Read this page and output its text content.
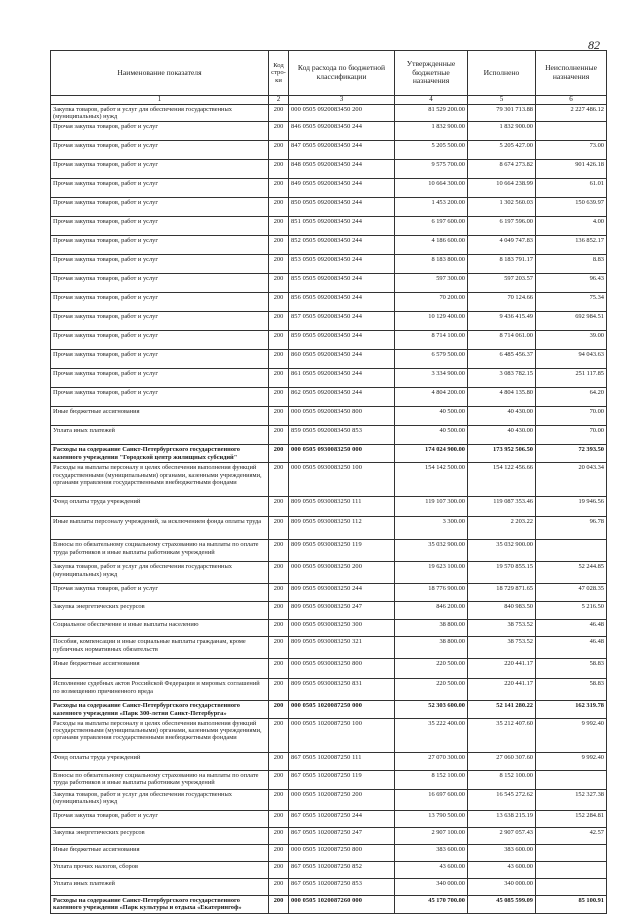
82
Наименование показателя	Код стро- ки	Код расхода по бюджетной классификации	Утвержденные бюджетные назначения	Исполнено	Неисполненные назначения
1	2	3	4	5	6
Закупка товаров, работ и услуг для обеспечения государственных (муниципальных) нужд	200	000 0505 0920083450 200	81 529 200.00	79 301 713.88	2 227 486.12
Прочая закупка товаров, работ и услуг	200	846 0505 0920083450 244	1 832 900.00	1 832 900.00	
Прочая закупка товаров, работ и услуг	200	847 0505 0920083450 244	5 205 500.00	5 205 427.00	73.00
Прочая закупка товаров, работ и услуг	200	848 0505 0920083450 244	9 575 700.00	8 674 273.82	901 426.18
Прочая закупка товаров, работ и услуг	200	849 0505 0920083450 244	10 664 300.00	10 664 238.99	61.01
Прочая закупка товаров, работ и услуг	200	850 0505 0920083450 244	1 453 200.00	1 302 560.03	150 639.97
Прочая закупка товаров, работ и услуг	200	851 0505 0920083450 244	6 197 600.00	6 197 596.00	4.00
Прочая закупка товаров, работ и услуг	200	852 0505 0920083450 244	4 186 600.00	4 049 747.83	136 852.17
Прочая закупка товаров, работ и услуг	200	853 0505 0920083450 244	8 183 800.00	8 183 791.17	8.83
Прочая закупка товаров, работ и услуг	200	855 0505 0920083450 244	597 300.00	597 203.57	96.43
Прочая закупка товаров, работ и услуг	200	856 0505 0920083450 244	70 200.00	70 124.66	75.34
Прочая закупка товаров, работ и услуг	200	857 0505 0920083450 244	10 129 400.00	9 436 415.49	692 984.51
Прочая закупка товаров, работ и услуг	200	859 0505 0920083450 244	8 714 100.00	8 714 061.00	39.00
Прочая закупка товаров, работ и услуг	200	860 0505 0920083450 244	6 579 500.00	6 485 456.37	94 043.63
Прочая закупка товаров, работ и услуг	200	861 0505 0920083450 244	3 334 900.00	3 083 782.15	251 117.85
Прочая закупка товаров, работ и услуг	200	862 0505 0920083450 244	4 804 200.00	4 804 135.80	64.20
Иные бюджетные ассигнования	200	000 0505 0920083450 800	40 500.00	40 430.00	70.00
Уплата иных платежей	200	859 0505 0920083450 853	40 500.00	40 430.00	70.00
Расходы на содержание Санкт-Петербургского государственного казенного учреждения "Городской центр жилищных субсидий"	200	000 0505 0930083250 000	174 024 900.00	173 952 506.50	72 393.50
Расходы на выплаты персоналу в целях обеспечения выполнения функций государственными (муниципальными) органами, казенными учреждениями, органами управления государственными внебюджетными фондами	200	000 0505 0930083250 100	154 142 500.00	154 122 456.66	20 043.34
Фонд оплаты труда учреждений	200	809 0505 0930083250 111	119 107 300.00	119 087 353.46	19 946.56
Иные выплаты персоналу учреждений, за исключением фонда оплаты труда	200	809 0505 0930083250 112	3 300.00	2 203.22	96.78
Взносы по обязательному социальному страхованию на выплаты по оплате труда работников и иные выплаты работникам учреждений	200	809 0505 0930083250 119	35 032 900.00	35 032 900.00	
Закупка товаров, работ и услуг для обеспечения государственных (муниципальных) нужд	200	000 0505 0930083250 200	19 623 100.00	19 570 855.15	52 244.85
Прочая закупка товаров, работ и услуг	200	809 0505 0930083250 244	18 776 900.00	18 729 871.65	47 028.35
Закупка энергетических ресурсов	200	809 0505 0930083250 247	846 200.00	840 983.50	5 216.50
Социальное обеспечение и иные выплаты населению	200	000 0505 0930083250 300	38 800.00	38 753.52	46.48
Пособия, компенсации и иные социальные выплаты гражданам, кроме публичных нормативных обязательств	200	809 0505 0930083250 321	38 800.00	38 753.52	46.48
Иные бюджетные ассигнования	200	000 0505 0930083250 800	220 500.00	220 441.17	58.83
Исполнение судебных актов Российской Федерации и мировых соглашений по возмещению причиненного вреда	200	809 0505 0930083250 831	220 500.00	220 441.17	58.83
Расходы на содержание Санкт-Петербургского государственного казенного учреждения «Парк 300-летия Санкт-Петербурга»	200	000 0505 1020087250 000	52 303 600.00	52 141 280.22	162 319.78
Расходы на выплаты персоналу в целях обеспечения выполнения функций государственными (муниципальными) органами, казенными учреждениями, органами управления государственными внебюджетными фондами	200	000 0505 1020087250 100	35 222 400.00	35 212 407.60	9 992.40
Фонд оплаты труда учреждений	200	867 0505 1020087250 111	27 070 300.00	27 060 307.60	9 992.40
Взносы по обязательному социальному страхованию на выплаты по оплате труда работников и иные выплаты работникам учреждений	200	867 0505 1020087250 119	8 152 100.00	8 152 100.00	
Закупка товаров, работ и услуг для обеспечения государственных (муниципальных) нужд	200	000 0505 1020087250 200	16 697 600.00	16 545 272.62	152 327.38
Прочая закупка товаров, работ и услуг	200	867 0505 1020087250 244	13 790 500.00	13 638 215.19	152 284.81
Закупка энергетических ресурсов	200	867 0505 1020087250 247	2 907 100.00	2 907 057.43	42.57
Иные бюджетные ассигнования	200	000 0505 1020087250 800	383 600.00	383 600.00	
Уплата прочих налогов, сборов	200	867 0505 1020087250 852	43 600.00	43 600.00	
Уплата иных платежей	200	867 0505 1020087250 853	340 000.00	340 000.00	
Расходы на содержание Санкт-Петербургского государственного казенного учреждения «Парк культуры и отдыха «Екатерингоф»	200	000 0505 1020087260 000	45 170 700.00	45 085 599.09	85 100.91
